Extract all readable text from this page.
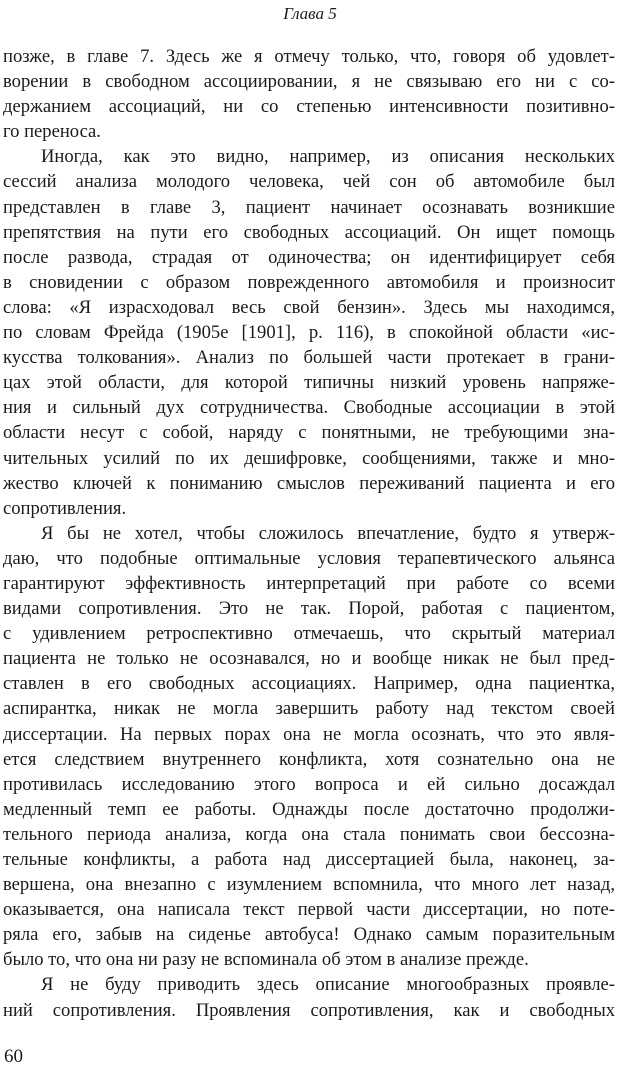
Глава 5
позже, в главе 7. Здесь же я отмечу только, что, говоря об удовлет-
ворении в свободном ассоциировании, я не связываю его ни с со-
держанием ассоциаций, ни со степенью интенсивности позитивно-
го переноса.
Иногда, как это видно, например, из описания нескольких
сессий анализа молодого человека, чей сон об автомобиле был
представлен в главе 3, пациент начинает осознавать возникшие
препятствия на пути его свободных ассоциаций. Он ищет помощь
после развода, страдая от одиночества; он идентифицирует себя
в сновидении с образом поврежденного автомобиля и произносит
слова: «Я израсходовал весь свой бензин». Здесь мы находимся,
по словам Фрейда (1905е [1901], р. 116), в спокойной области «ис-
кусства толкования». Анализ по большей части протекает в грани-
цах этой области, для которой типичны низкий уровень напряже-
ния и сильный дух сотрудничества. Свободные ассоциации в этой
области несут с собой, наряду с понятными, не требующими зна-
чительных усилий по их дешифровке, сообщениями, также и мно-
жество ключей к пониманию смыслов переживаний пациента и его
сопротивления.
Я бы не хотел, чтобы сложилось впечатление, будто я утверж-
даю, что подобные оптимальные условия терапевтического альянса
гарантируют эффективность интерпретаций при работе со всеми
видами сопротивления. Это не так. Порой, работая с пациентом,
с удивлением ретроспективно отмечаешь, что скрытый материал
пациента не только не осознавался, но и вообще никак не был пред-
ставлен в его свободных ассоциациях. Например, одна пациентка,
аспирантка, никак не могла завершить работу над текстом своей
диссертации. На первых порах она не могла осознать, что это явля-
ется следствием внутреннего конфликта, хотя сознательно она не
противилась исследованию этого вопроса и ей сильно досаждал
медленный темп ее работы. Однажды после достаточно продолжи-
тельного периода анализа, когда она стала понимать свои бессозна-
тельные конфликты, а работа над диссертацией была, наконец, за-
вершена, она внезапно с изумлением вспомнила, что много лет назад,
оказывается, она написала текст первой части диссертации, но поте-
ряла его, забыв на сиденье автобуса! Однако самым поразительным
было то, что она ни разу не вспоминала об этом в анализе прежде.
Я не буду приводить здесь описание многообразных проявле-
ний сопротивления. Проявления сопротивления, как и свободных
60
